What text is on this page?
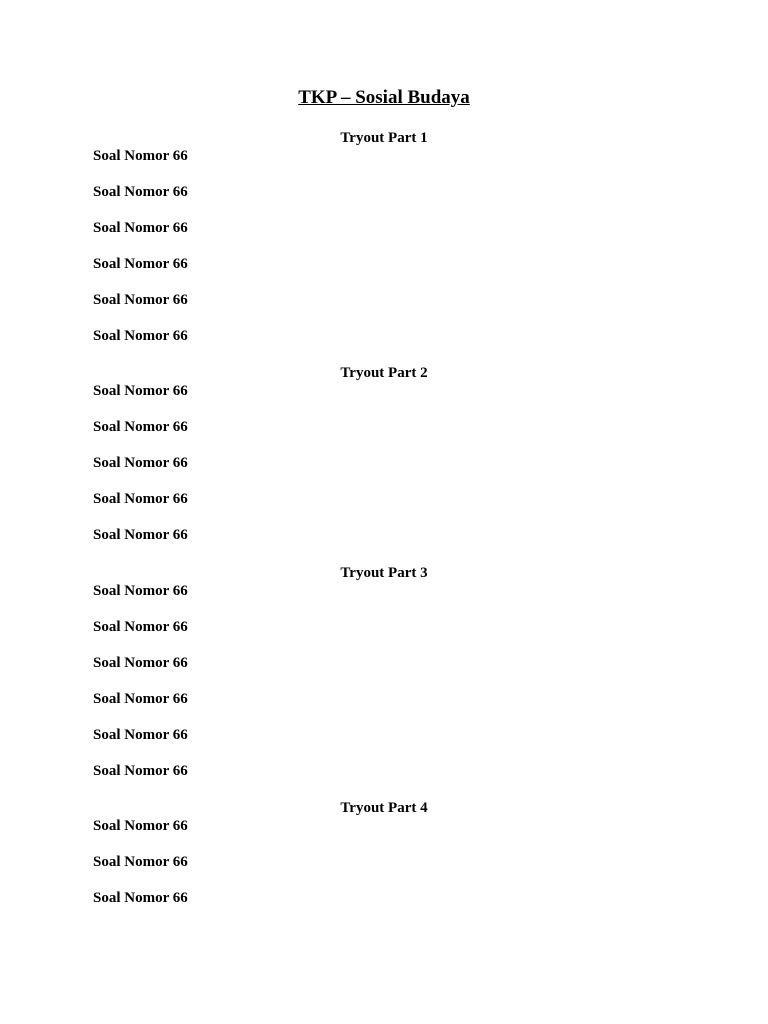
TKP – Sosial Budaya
Tryout Part 1
Soal Nomor 66
Soal Nomor 66
Soal Nomor 66
Soal Nomor 66
Soal Nomor 66
Soal Nomor 66
Tryout Part 2
Soal Nomor 66
Soal Nomor 66
Soal Nomor 66
Soal Nomor 66
Soal Nomor 66
Tryout Part 3
Soal Nomor 66
Soal Nomor 66
Soal Nomor 66
Soal Nomor 66
Soal Nomor 66
Soal Nomor 66
Tryout Part 4
Soal Nomor 66
Soal Nomor 66
Soal Nomor 66
